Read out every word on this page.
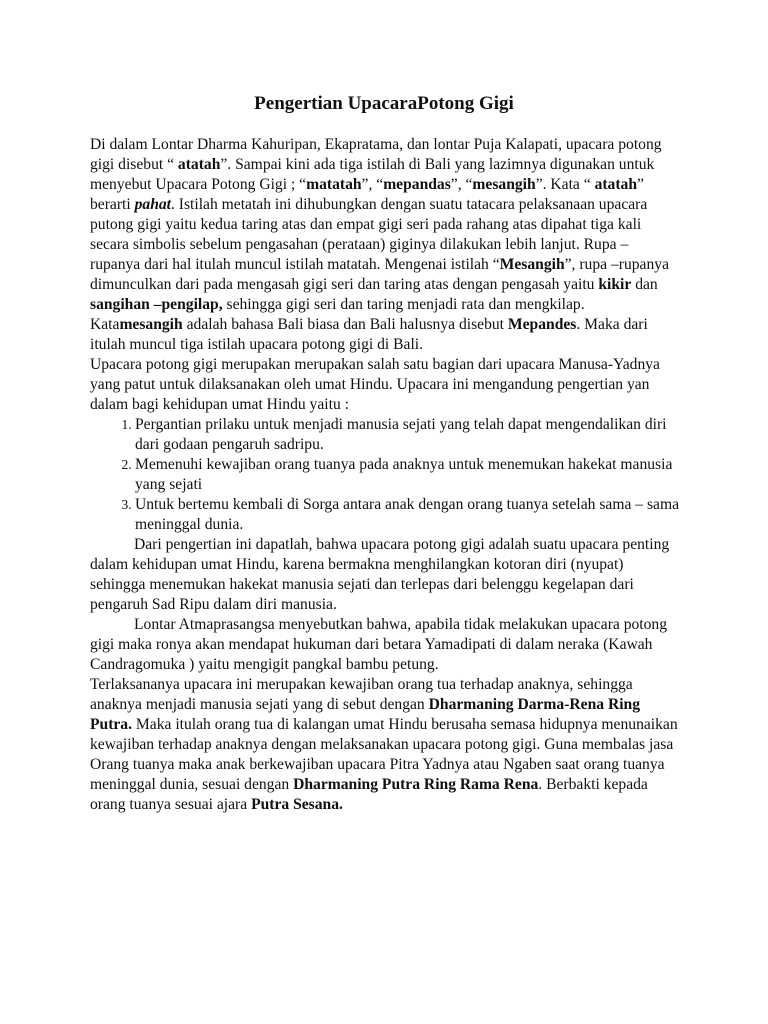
Pengertian UpacaraPotong Gigi

Di dalam Lontar Dharma Kahuripan, Ekapratama, dan lontar Puja Kalapati, upacara potong gigi disebut “ atatah”. Sampai kini ada tiga istilah di Bali yang lazimnya digunakan untuk menyebut Upacara Potong Gigi ; “matatah”, “mepandas”, “mesangih”. Kata “ atatah” berarti pahat. Istilah metatah ini dihubungkan dengan suatu tatacara pelaksanaan upacara putong gigi yaitu kedua taring atas dan empat gigi seri pada rahang atas dipahat tiga kali secara simbolis sebelum pengasahan (perataan) giginya dilakukan lebih lanjut. Rupa – rupanya dari hal itulah muncul istilah matatah. Mengenai istilah “Mesangih”, rupa –rupanya dimunculkan dari pada mengasah gigi seri dan taring atas dengan pengasah yaitu kikir dan sangihan –pengilap, sehingga gigi seri dan taring menjadi rata dan mengkilap. Katamesangih adalah bahasa Bali biasa dan Bali halusnya disebut Mepandes. Maka dari itulah muncul tiga istilah upacara potong gigi di Bali.

Upacara potong gigi merupakan merupakan salah satu bagian dari upacara Manusa-Yadnya yang patut untuk dilaksanakan oleh umat Hindu. Upacara ini mengandung pengertian yan dalam bagi kehidupan umat Hindu yaitu :

1. Pergantian prilaku untuk menjadi manusia sejati yang telah dapat mengendalikan diri dari godaan pengaruh sadripu.
2. Memenuhi kewajiban orang tuanya pada anaknya untuk menemukan hakekat manusia yang sejati
3. Untuk bertemu kembali di Sorga antara anak dengan orang tuanya setelah sama – sama meninggal dunia.

Dari pengertian ini dapatlah, bahwa upacara potong gigi adalah suatu upacara penting dalam kehidupan umat Hindu, karena bermakna menghilangkan kotoran diri (nyupat) sehingga menemukan hakekat manusia sejati dan terlepas dari belenggu kegelapan dari pengaruh Sad Ripu dalam diri manusia.

Lontar Atmaprasangsa menyebutkan bahwa, apabila tidak melakukan upacara potong gigi maka ronya akan mendapat hukuman dari betara Yamadipati di dalam neraka (Kawah Candragomuka ) yaitu mengigit pangkal bambu petung.

Terlaksananya upacara ini merupakan kewajiban orang tua terhadap anaknya, sehingga anaknya menjadi manusia sejati yang di sebut dengan Dharmaning Darma-Rena Ring Putra. Maka itulah orang tua di kalangan umat Hindu berusaha semasa hidupnya menunaikan kewajiban terhadap anaknya dengan melaksanakan upacara potong gigi. Guna membalas jasa Orang tuanya maka anak berkewajiban upacara Pitra Yadnya atau Ngaben saat orang tuanya meninggal dunia, sesuai dengan Dharmaning Putra Ring Rama Rena. Berbakti kepada orang tuanya sesuai ajara Putra Sesana.
